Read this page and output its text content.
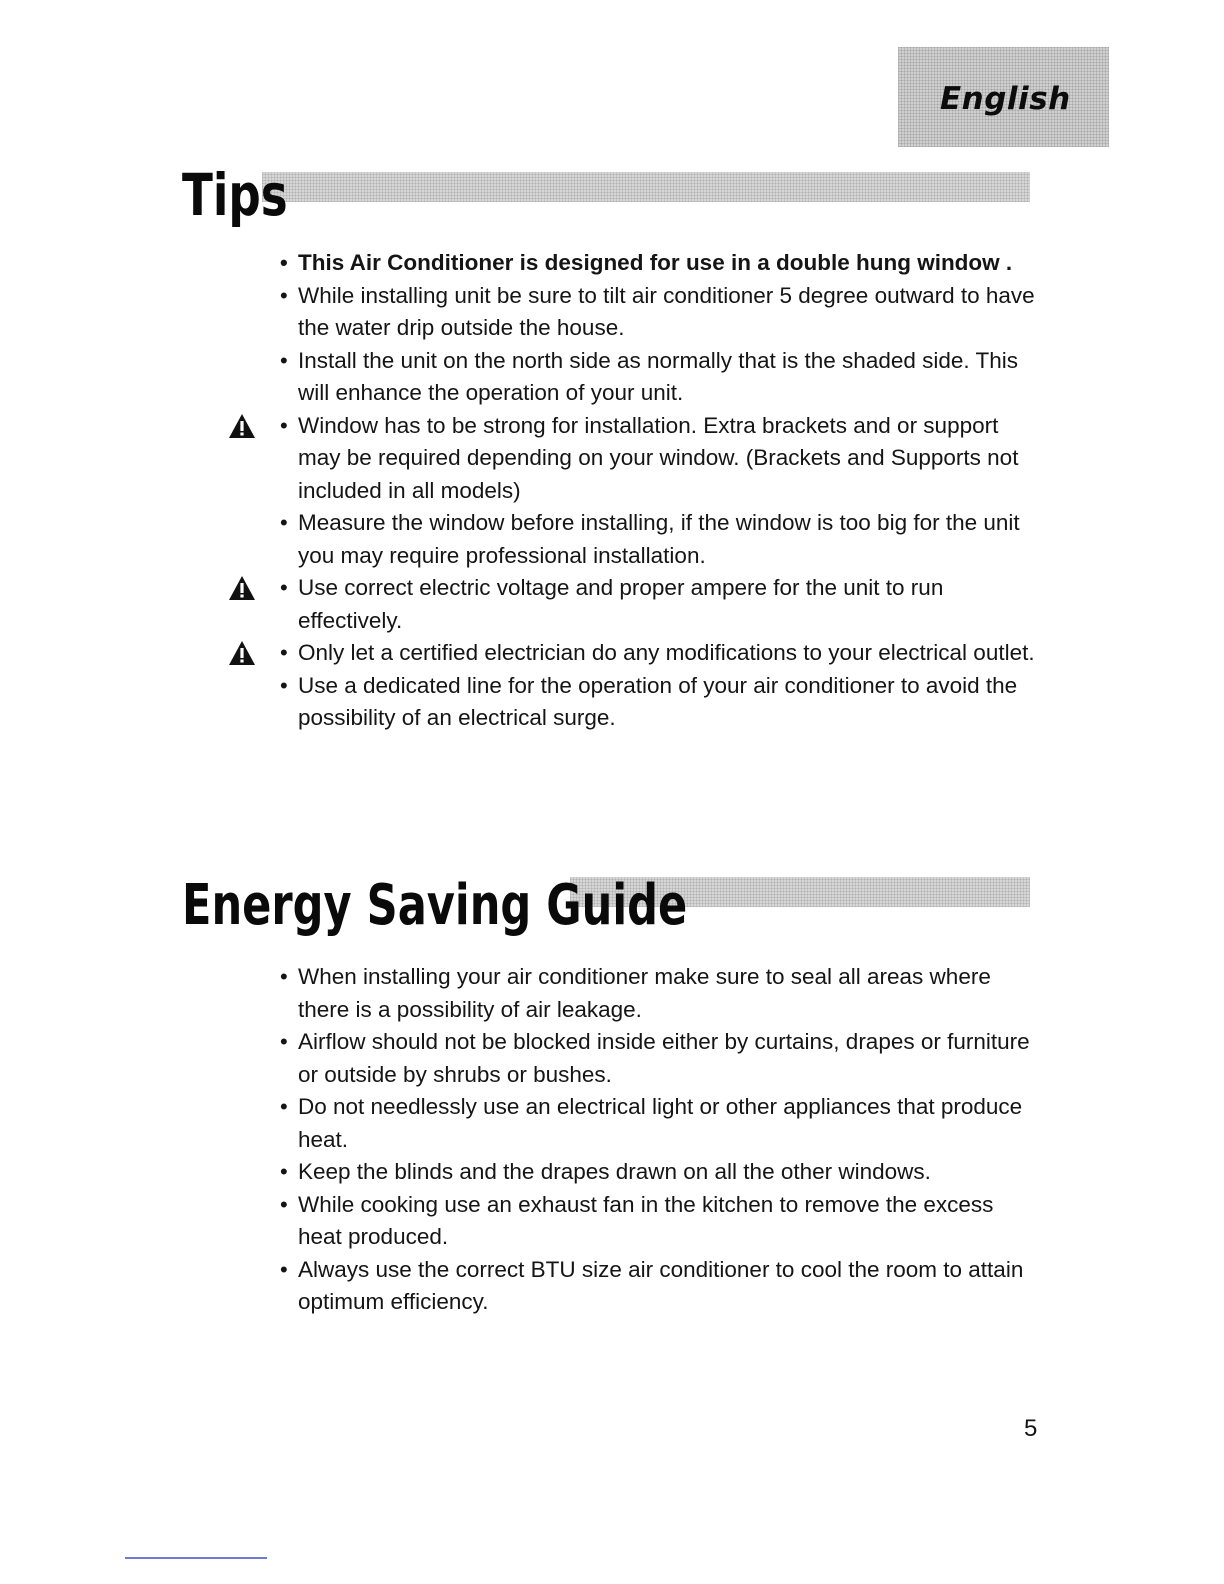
English
Tips
• This Air Conditioner is designed for use in a double hung window .
• While installing unit be sure to tilt air conditioner 5 degree outward to have the water drip outside the house.
• Install the unit on the north side as normally that is the shaded side. This will enhance the operation of your unit.
• Window has to be strong for installation. Extra brackets and or support may be required depending on your window. (Brackets and Supports not included in all models)
• Measure the window before installing, if the window is too big for the unit you may require professional installation.
• Use correct electric voltage and proper ampere for the unit to run effectively.
• Only let a certified electrician do any modifications to your electrical outlet.
• Use a dedicated line for the operation of your air conditioner to avoid the possibility of an electrical surge.
Energy Saving Guide
• When installing your air conditioner make sure to seal all areas where there is a possibility of air leakage.
• Airflow should not be blocked inside either by curtains, drapes or furniture or outside by shrubs or bushes.
• Do not needlessly use an electrical light or other appliances that produce heat.
• Keep the blinds and the drapes drawn on all the other windows.
• While cooking use an exhaust fan in the kitchen to remove the excess heat produced.
• Always use the correct BTU size air conditioner to cool the room to attain optimum efficiency.
5
